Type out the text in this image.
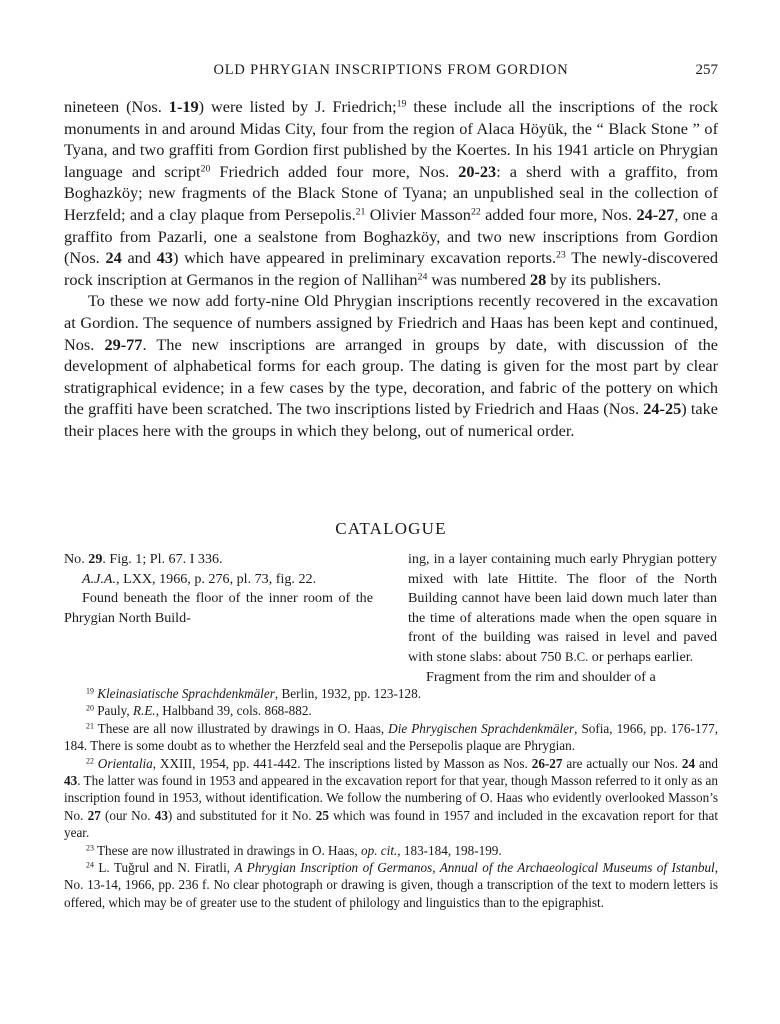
OLD PHRYGIAN INSCRIPTIONS FROM GORDION	257

nineteen (Nos. 1-19) were listed by J. Friedrich;$^{19}$ these include all the inscriptions of the rock monuments in and around Midas City, four from the region of Alaca Höyük, the “ Black Stone ” of Tyana, and two graffiti from Gordion first published by the Koertes. In his 1941 article on Phrygian language and script$^{20}$ Friedrich added four more, Nos. 20-23: a sherd with a graffito, from Boghazköy; new fragments of the Black Stone of Tyana; an unpublished seal in the collection of Herzfeld; and a clay plaque from Persepolis.$^{21}$ Olivier Masson$^{22}$ added four more, Nos. 24-27, one a graffito from Pazarli, one a sealstone from Boghazköy, and two new inscriptions from Gordion (Nos. 24 and 43) which have appeared in preliminary excavation reports.$^{23}$ The newly-discovered rock inscription at Germanos in the region of Nallihan$^{24}$ was numbered 28 by its publishers.

To these we now add forty-nine Old Phrygian inscriptions recently recovered in the excavation at Gordion. The sequence of numbers assigned by Friedrich and Haas has been kept and continued, Nos. 29-77. The new inscriptions are arranged in groups by date, with discussion of the development of alphabetical forms for each group. The dating is given for the most part by clear stratigraphical evidence; in a few cases by the type, decoration, and fabric of the pottery on which the graffiti have been scratched. The two inscriptions listed by Friedrich and Haas (Nos. 24-25) take their places here with the groups in which they belong, out of numerical order.

CATALOGUE

No. 29. Fig. 1; Pl. 67. I 336.

A.J.A., LXX, 1966, p. 276, pl. 73, fig. 22.

Found beneath the floor of the inner room of the Phrygian North Build-

ing, in a layer containing much early Phrygian pottery mixed with late Hittite. The floor of the North Building cannot have been laid down much later than the time of alterations made when the open square in front of the building was raised in level and paved with stone slabs: about 750 B.C. or perhaps earlier.

Fragment from the rim and shoulder of a

$^{19}$ Kleinasiatische Sprachdenkmäler, Berlin, 1932, pp. 123-128.

$^{20}$ Pauly, R.E., Halbband 39, cols. 868-882.

$^{21}$ These are all now illustrated by drawings in O. Haas, Die Phrygischen Sprachdenkmäler, Sofia, 1966, pp. 176-177, 184. There is some doubt as to whether the Herzfeld seal and the Persepolis plaque are Phrygian.

$^{22}$ Orientalia, XXIII, 1954, pp. 441-442. The inscriptions listed by Masson as Nos. 26-27 are actually our Nos. 24 and 43. The latter was found in 1953 and appeared in the excavation report for that year, though Masson referred to it only as an inscription found in 1953, without identification. We follow the numbering of O. Haas who evidently overlooked Masson’s No. 27 (our No. 43) and substituted for it No. 25 which was found in 1957 and included in the excavation report for that year.

$^{23}$ These are now illustrated in drawings in O. Haas, op. cit., 183-184, 198-199.

$^{24}$ L. Tuğrul and N. Firatli, A Phrygian Inscription of Germanos, Annual of the Archaeological Museums of Istanbul, No. 13-14, 1966, pp. 236 f. No clear photograph or drawing is given, though a transcription of the text to modern letters is offered, which may be of greater use to the student of philology and linguistics than to the epigraphist.
